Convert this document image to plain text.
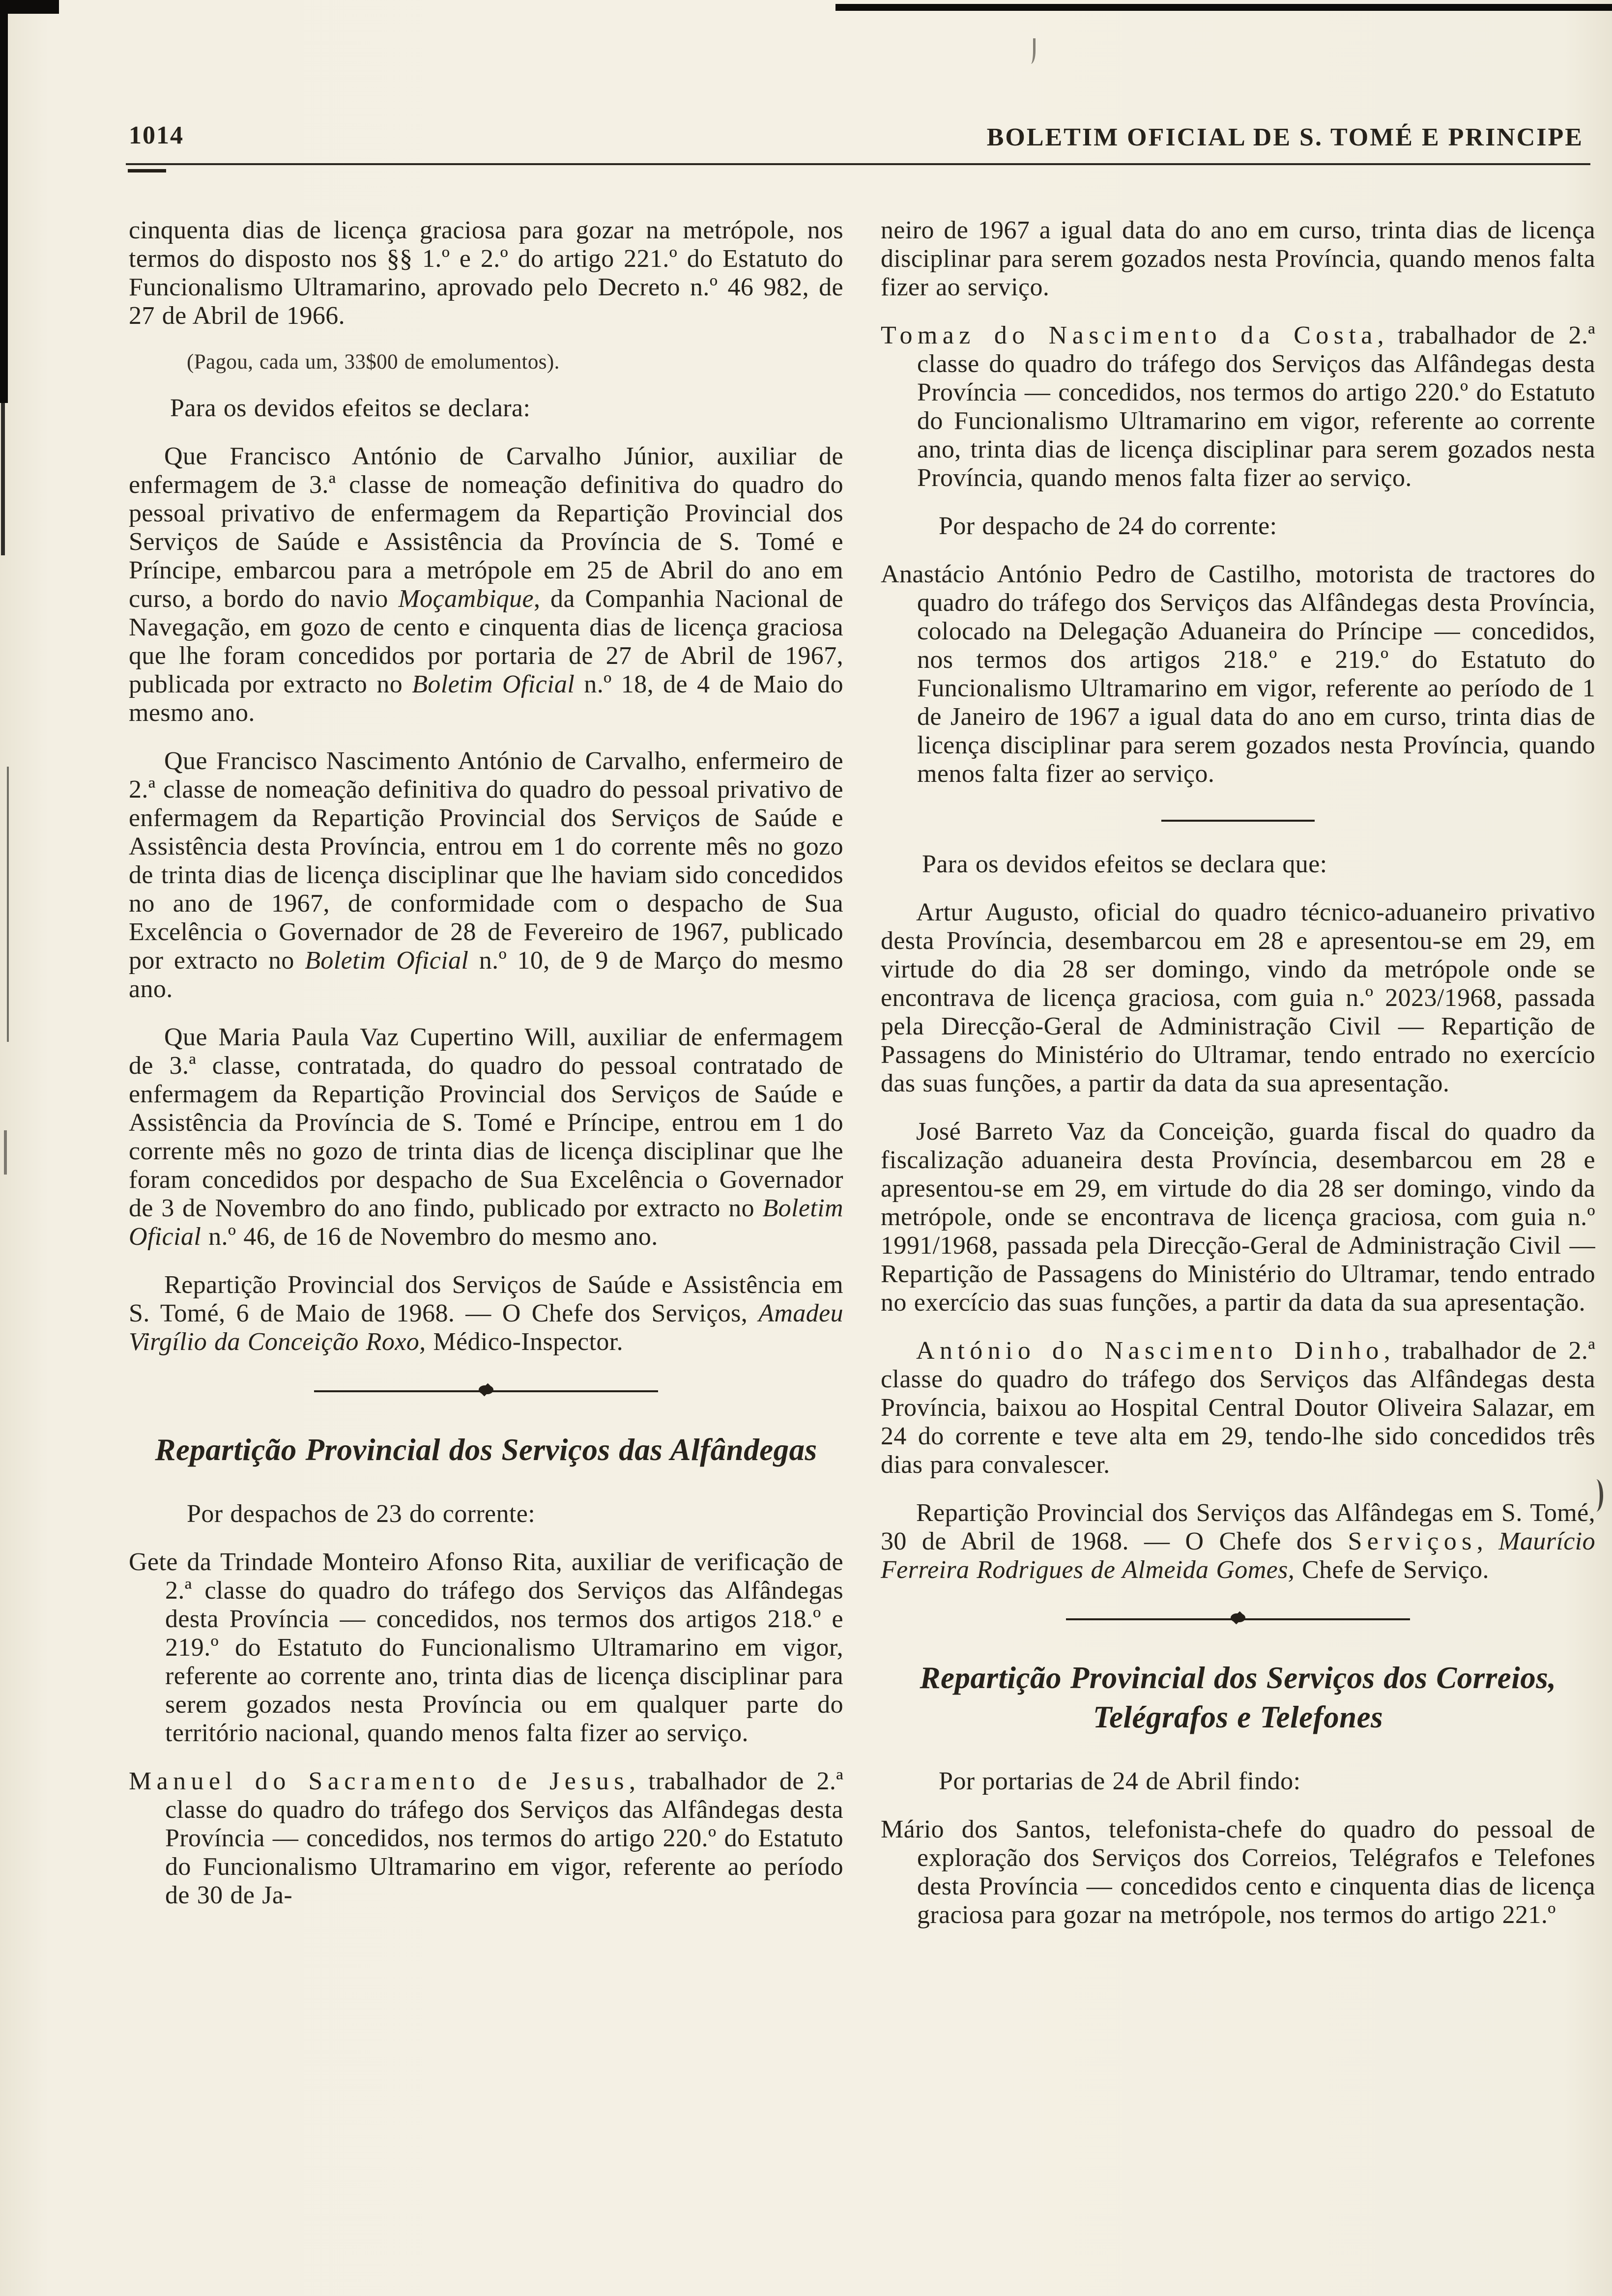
1014	BOLETIM OFICIAL DE S. TOMÉ E PRINCIPE

cinquenta dias de licença graciosa para gozar na metrópole, nos termos do disposto nos §§ 1.º e 2.º do artigo 221.º do Estatuto do Funcionalismo Ultramarino, aprovado pelo Decreto n.º 46 982, de 27 de Abril de 1966.

(Pagou, cada um, 33$00 de emolumentos).

Para os devidos efeitos se declara:

Que Francisco António de Carvalho Júnior, auxiliar de enfermagem de 3.ª classe de nomeação definitiva do quadro do pessoal privativo de enfermagem da Repartição Provincial dos Serviços de Saúde e Assistência da Província de S. Tomé e Príncipe, embarcou para a metrópole em 25 de Abril do ano em curso, a bordo do navio Moçambique, da Companhia Nacional de Navegação, em gozo de cento e cinquenta dias de licença graciosa que lhe foram concedidos por portaria de 27 de Abril de 1967, publicada por extracto no Boletim Oficial n.º 18, de 4 de Maio do mesmo ano.

Que Francisco Nascimento António de Carvalho, enfermeiro de 2.ª classe de nomeação definitiva do quadro do pessoal privativo de enfermagem da Repartição Provincial dos Serviços de Saúde e Assistência desta Província, entrou em 1 do corrente mês no gozo de trinta dias de licença disciplinar que lhe haviam sido concedidos no ano de 1967, de conformidade com o despacho de Sua Excelência o Governador de 28 de Fevereiro de 1967, publicado por extracto no Boletim Oficial n.º 10, de 9 de Março do mesmo ano.

Que Maria Paula Vaz Cupertino Will, auxiliar de enfermagem de 3.ª classe, contratada, do quadro do pessoal contratado de enfermagem da Repartição Provincial dos Serviços de Saúde e Assistência da Província de S. Tomé e Príncipe, entrou em 1 do corrente mês no gozo de trinta dias de licença disciplinar que lhe foram concedidos por despacho de Sua Excelência o Governador de 3 de Novembro do ano findo, publicado por extracto no Boletim Oficial n.º 46, de 16 de Novembro do mesmo ano.

Repartição Provincial dos Serviços de Saúde e Assistência em S. Tomé, 6 de Maio de 1968. — O Chefe dos Serviços, Amadeu Virgílio da Conceição Roxo, Médico-Inspector.

Repartição Provincial dos Serviços das Alfândegas

Por despachos de 23 do corrente:

Gete da Trindade Monteiro Afonso Rita, auxiliar de verificação de 2.ª classe do quadro do tráfego dos Serviços das Alfândegas desta Província — concedidos, nos termos dos artigos 218.º e 219.º do Estatuto do Funcionalismo Ultramarino em vigor, referente ao corrente ano, trinta dias de licença disciplinar para serem gozados nesta Província ou em qualquer parte do território nacional, quando menos falta fizer ao serviço.

Manuel do Sacramento de Jesus, trabalhador de 2.ª classe do quadro do tráfego dos Serviços das Alfândegas desta Província — concedidos, nos termos do artigo 220.º do Estatuto do Funcionalismo Ultramarino em vigor, referente ao período de 30 de Ja-

neiro de 1967 a igual data do ano em curso, trinta dias de licença disciplinar para serem gozados nesta Província, quando menos falta fizer ao serviço.

Tomaz do Nascimento da Costa, trabalhador de 2.ª classe do quadro do tráfego dos Serviços das Alfândegas desta Província — concedidos, nos termos do artigo 220.º do Estatuto do Funcionalismo Ultramarino em vigor, referente ao corrente ano, trinta dias de licença disciplinar para serem gozados nesta Província, quando menos falta fizer ao serviço.

Por despacho de 24 do corrente:

Anastácio António Pedro de Castilho, motorista de tractores do quadro do tráfego dos Serviços das Alfândegas desta Província, colocado na Delegação Aduaneira do Príncipe — concedidos, nos termos dos artigos 218.º e 219.º do Estatuto do Funcionalismo Ultramarino em vigor, referente ao período de 1 de Janeiro de 1967 a igual data do ano em curso, trinta dias de licença disciplinar para serem gozados nesta Província, quando menos falta fizer ao serviço.

Para os devidos efeitos se declara que:

Artur Augusto, oficial do quadro técnico-aduaneiro privativo desta Província, desembarcou em 28 e apresentou-se em 29, em virtude do dia 28 ser domingo, vindo da metrópole onde se encontrava de licença graciosa, com guia n.º 2023/1968, passada pela Direcção-Geral de Administração Civil — Repartição de Passagens do Ministério do Ultramar, tendo entrado no exercício das suas funções, a partir da data da sua apresentação.

José Barreto Vaz da Conceição, guarda fiscal do quadro da fiscalização aduaneira desta Província, desembarcou em 28 e apresentou-se em 29, em virtude do dia 28 ser domingo, vindo da metrópole, onde se encontrava de licença graciosa, com guia n.º 1991/1968, passada pela Direcção-Geral de Administração Civil — Repartição de Passagens do Ministério do Ultramar, tendo entrado no exercício das suas funções, a partir da data da sua apresentação.

António do Nascimento Dinho, trabalhador de 2.ª classe do quadro do tráfego dos Serviços das Alfândegas desta Província, baixou ao Hospital Central Doutor Oliveira Salazar, em 24 do corrente e teve alta em 29, tendo-lhe sido concedidos três dias para convalescer.

Repartição Provincial dos Serviços das Alfândegas em S. Tomé, 30 de Abril de 1968. — O Chefe dos Serviços, Maurício Ferreira Rodrigues de Almeida Gomes, Chefe de Serviço.

Repartição Provincial dos Serviços dos Correios, Telégrafos e Telefones

Por portarias de 24 de Abril findo:

Mário dos Santos, telefonista-chefe do quadro do pessoal de exploração dos Serviços dos Correios, Telégrafos e Telefones desta Província — concedidos cento e cinquenta dias de licença graciosa para gozar na metrópole, nos termos do artigo 221.º
